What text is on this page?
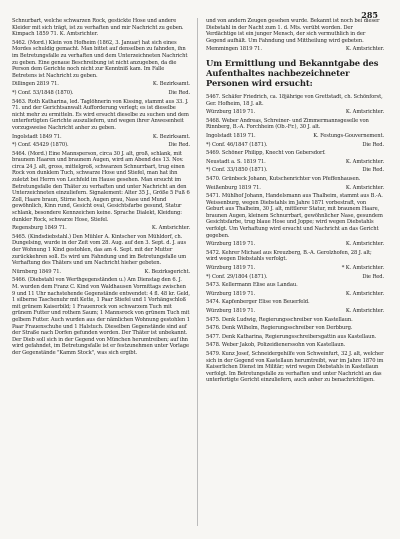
285

Schnurbart, welche schwarzen Rock, gestickte Hose und andere Kleider mit sich trägt, ist zu verhaften und mir Nachricht zu geben. Kimpach 1859 71. K. Amtsrichter.

5462. (Mord.) Klein von Hofheim (1862, 3. Januar) hat sich eines Mordes schuldig gemacht. Man bittet auf denselben zu fahnden, ihn im Betretungsfalle zu verhaften und dem Unterzeichneten Nachricht zu geben. Eine genaue Beschreibung ist nicht anzugeben, da die Person dem Gerichte noch nicht zur Kenntniß kam. Im Falle Betretens ist Nachricht zu geben.

Dillingen 2819 71.	K. Bezirksamt.
*) Conf. 53/1848 (1870).	Die Red.

5463. Roth Katharina, led. Taglöhnerin von Kissing, stammt aus 33. J. 71. und der Gerichtsanwalt Aufforderung verlegt; es ist dieselbe nicht mehr zu ermitteln. Es wird ersucht dieselbe zu suchen und dem unterfertigten Gerichte auszuliefern, und wegen ihrer Anwesenheit vorzugsweise Nachricht anher zu geben.

Ingolstadt 1849 71.	K. Bezirksamt.
*) Conf. 45429 (1870).	Die Red.

5464. (Mord.) Eine Mannsperson, circa 30 J. alt, groß, schlank, mit braunem Haaren und braunem Augen, wird am Abend des 13. Nov. circa 24 J. alt, gross, mittelgroß, schwarzen Schnurrbart, trug einen Rock von dunklem Tuch, schwarze Hose und Stiefel, man hat ihn zuletzt bei Herrn von Lechfeld im Hause gesehen. Man ersucht im Betretungsfalle den Thäter zu verhaften und unter Nachricht an den Unterzeichneten einzuliefern. Signalement: Alter 35 J., Größe 5 Fuß 6 Zoll, Haare braun, Stirne hoch, Augen grau, Nase und Mund gewöhnlich, Kinn rund, Gesicht oval, Gesichtsfarbe gesund, Statur schlank, besondere Kennzeichen keine. Sprache Dialekt, Kleidung: dunkler Rock, schwarze Hose, Stiefel.

Regensburg 1849 71.	K. Amtsrichter.

5465. (Kindsdiebstahl.) Den Mühler A. Kintscher von Mühldorf, ch. Dungelsing, wurde in der Zeit vom 28. Aug. auf den 3. Sept. d. J. aus der Wohnung 1 Kind gestohlen, das am 4. Sept. mit der Mutter zurückkehren soll. Es wird um Fahndung und im Betretungsfalle um Verhaftung des Thäters und um Nachricht hieher gebeten.

Nürnberg 1849 71.	K. Bezirksgericht.

5466. (Diebstahl von Werthgegenständen u.) Am Dienstag den 6. J. M. wurden dem Franz C. Kind von Waldhausen Vormittags zwischen 9 und 11 Uhr nachstehende Gegenstände entwendet: 4 fl. 48 kr. Geld, 1 silberne Taschenuhr mit Kette, 1 Paar Stiefel und 1 Vorhängschloß mit grünem Kaiserbild; 1 Frauenrock von schwarzem Tuch mit grünem Futter und rothem Saum; 1 Mannsrock von grünem Tuch mit gelbem Futter. Auch wurden aus der nämlichen Wohnung gestohlen 1 Paar Frauenschuhe und 1 Halstuch. Dieselben Gegenstände sind auf der Straße nach Dorfen gefunden worden. Der Thäter ist unbekannt. Der Dieb soll sich in der Gegend von München herumtreiben; auf ihn wird gefahndet, im Betretungsfalle ist er festzunehmen unter Vorlage der Gegenstände "Kamm Stock", was sich ergibt.

und von andern Zeugen gesehen wurde. Bekannt ist noch bei dieser Diebstahl in der Nacht zum 1. d. Mts. verübt worden. Der Verdächtige ist ein junger Mensch, der sich vermuthlich in der Gegend aufhält. Um Fahndung und Mittheilung wird gebeten.

Memmingen 1819 71.	K. Amtsrichter.
Um Ermittlung und Bekanntgabe des Aufenthaltes nachbezeichneter Personen wird ersucht:

5467. Schäfer Friedrich, ca. 18jährige von Grettstadt, ch. Schönforst, Ger. Hofheim, 18 J. alt.

Würzburg 1819 71.	K. Amtsrichter.

5468. Weber Andreas, Schreiner- und Zimmermannsgeselle von Rinnberg, B.-A. Forchheim (Ob.-Fr.), 30 J. alt.

Ingolstadt 1819 71.	K. Festungs-Gouvernement.
*) Conf. 46/1847 (1871).	Die Red.

5469. Schöner Philipp, Knecht von Gebersdorf.

Neustadt a. S. 1819 71.	K. Amtsrichter.
*) Conf. 33/1850 (1871).	Die Red.

5470. Grünbeck Johann, Kutschenrichter von Pfeffenhausen.

Weißenburg 1819 71.	K. Amtsrichter.

5471. Mühlhof Johann, Handelsmann aus Thalheim, stammt aus B.-A. Weissenburg, wegen Diebstahls im Jahre 1871 vorbestraft, von Geburt aus Thalheim, 30 J. alt, mittlerer Statur, mit braunem Haare, braunen Augen, kleinem Schnurrbart, gewöhnlicher Nase, gesundem Gesichtsfarbe, trug blaue Hose und Joppe; wird wegen Diebstahls verfolgt. Um Verhaftung wird ersucht und Nachricht an das Gericht gegeben.

Würzburg 1819 71.	K. Amtsrichter.

5472. Kehrer Michael aus Kreuzberg, B.-A. Gerolzhofen, 28 J. alt; wird wegen Diebstahls verfolgt.

Würzburg 1819 71.	* K. Amtsrichter.
*) Conf. 29/1804 (1871).	Die Red.

5473. Kellermann Elise aus Landau.

Würzburg 1819 71.	K. Amtsrichter.

5474. Kapfenberger Elise von Beuerfeld.

Würzburg 1819 71.	K. Amtsrichter.

5475. Denk Ludwig, Regierungsschreiber von Kastellaun.

5476. Denk Wilhelm, Regierungsschreiber von Derbburg.

5477. Denk Katharina, Regierungsschreibersgattin aus Kastellaun.

5478. Weber Jakob, Polizeidienerssohn von Kastellaun.

5479. Kunz Josef, Schneidergehilfe von Schweinfurt, 32 J. alt, welcher sich in der Gegend von Kastellaun herumtreibt, war im Jahre 1870 im Kaiserlichen Dienst im Militär; wird wegen Diebstahls in Kastellaun verfolgt. Im Betretungsfalle zu verhaften und unter Nachricht an das unterfertigte Gericht einzuliefern, auch anher zu benachrichtigen.
